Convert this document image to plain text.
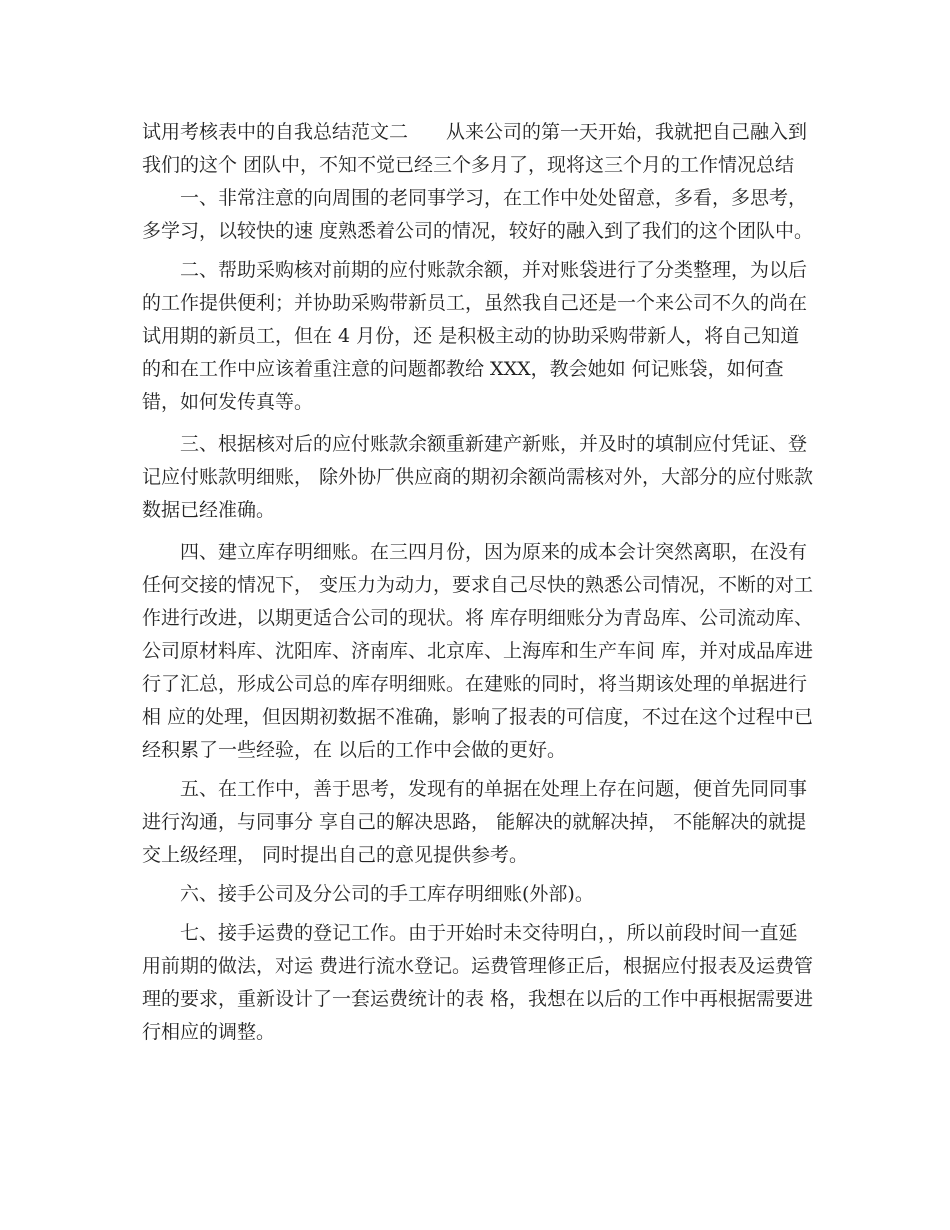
试用考核表中的自我总结范文二　　从来公司的第一天开始，我就把自己融入到我们的这个 团队中，不知不觉已经三个多月了，现将这三个月的工作情况总结

一、非常注意的向周围的老同事学习，在工作中处处留意，多看，多思考，多学习，以较快的速 度熟悉着公司的情况，较好的融入到了我们的这个团队中。

二、帮助采购核对前期的应付账款余额，并对账袋进行了分类整理，为以后的工作提供便利；并协助采购带新员工，虽然我自己还是一个来公司不久的尚在试用期的新员工，但在 4 月份，还 是积极主动的协助采购带新人，将自己知道的和在工作中应该着重注意的问题都教给 XXX，教会她如 何记账袋，如何查错，如何发传真等。

三、根据核对后的应付账款余额重新建产新账，并及时的填制应付凭证、登记应付账款明细账， 除外协厂供应商的期初余额尚需核对外，大部分的应付账款数据已经准确。

四、建立库存明细账。在三四月份，因为原来的成本会计突然离职，在没有任何交接的情况下， 变压力为动力，要求自己尽快的熟悉公司情况，不断的对工作进行改进，以期更适合公司的现状。将 库存明细账分为青岛库、公司流动库、公司原材料库、沈阳库、济南库、北京库、上海库和生产车间 库，并对成品库进行了汇总，形成公司总的库存明细账。在建账的同时，将当期该处理的单据进行相 应的处理，但因期初数据不准确，影响了报表的可信度，不过在这个过程中已经积累了一些经验，在 以后的工作中会做的更好。

五、在工作中，善于思考，发现有的单据在处理上存在问题，便首先同同事进行沟通，与同事分 享自己的解决思路， 能解决的就解决掉， 不能解决的就提交上级经理， 同时提出自己的意见提供参考。

六、接手公司及分公司的手工库存明细账(外部)。

七、接手运费的登记工作。由于开始时未交待明白，，所以前段时间一直延用前期的做法，对运 费进行流水登记。运费管理修正后，根据应付报表及运费管理的要求，重新设计了一套运费统计的表 格，我想在以后的工作中再根据需要进行相应的调整。
